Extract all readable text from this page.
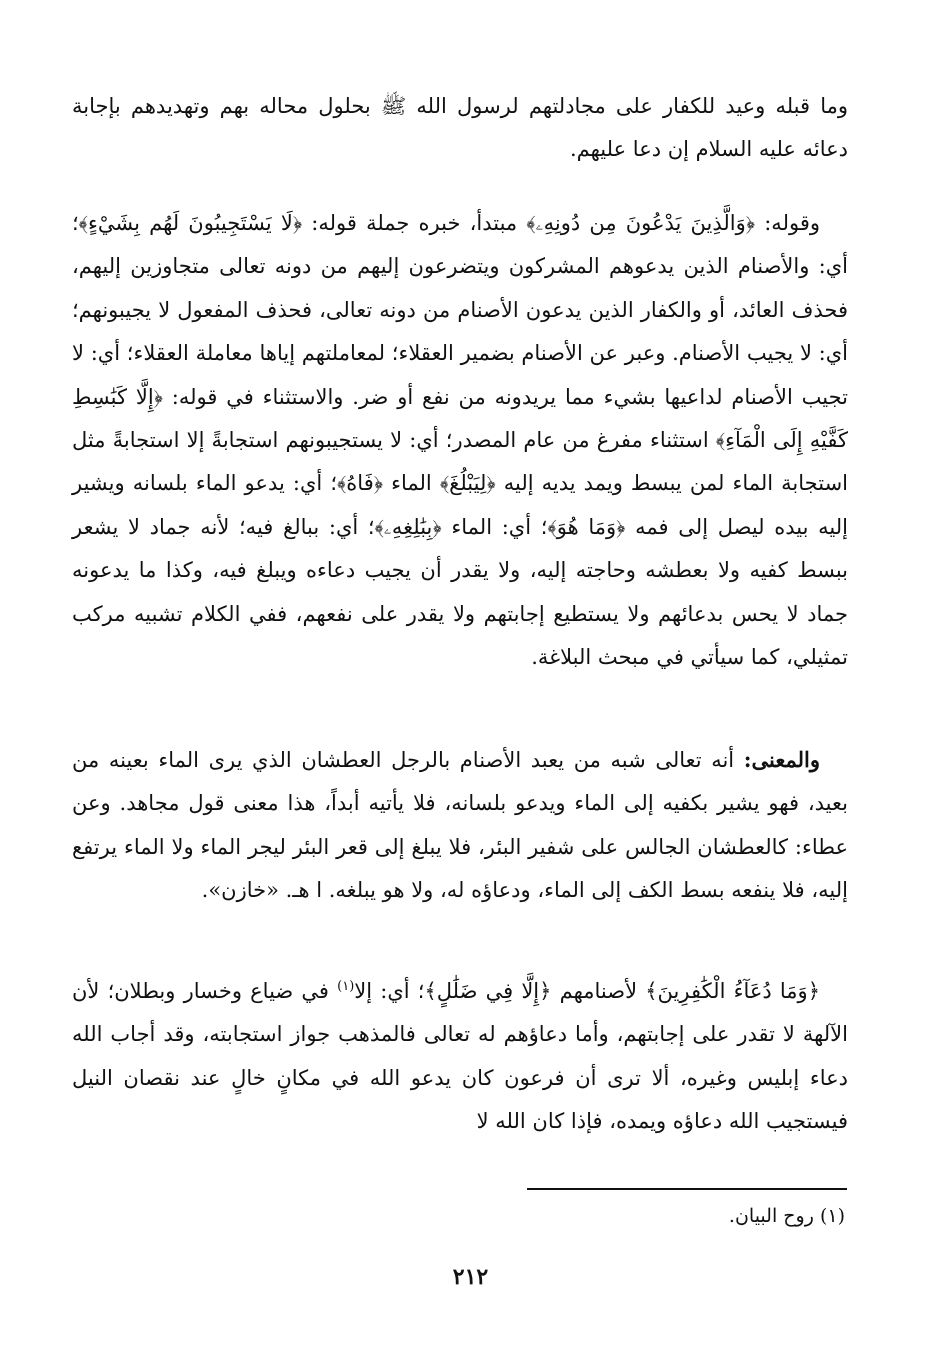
وما قبله وعيد للكفار على مجادلتهم لرسول الله ﷺ بحلول محاله بهم وتهديدهم بإجابة دعائه عليه السلام إن دعا عليهم.

وقوله: ﴿وَالَّذِينَ يَدْعُونَ مِن دُونِهِۦ﴾ مبتدأ، خبره جملة قوله: ﴿لَا يَسْتَجِيبُونَ لَهُم بِشَيْءٍ﴾؛ أي: والأصنام الذين يدعوهم المشركون ويتضرعون إليهم من دونه تعالى متجاوزين إليهم، فحذف العائد، أو والكفار الذين يدعون الأصنام من دونه تعالى، فحذف المفعول لا يجيبونهم؛ أي: لا يجيب الأصنام. وعبر عن الأصنام بضمير العقلاء؛ لمعاملتهم إياها معاملة العقلاء؛ أي: لا تجيب الأصنام لداعيها بشيء مما يريدونه من نفع أو ضر. والاستثناء في قوله: ﴿إِلَّا كَبَٰسِطِ كَفَّيْهِ إِلَى الْمَآءِ﴾ استثناء مفرغ من عام المصدر؛ أي: لا يستجيبونهم استجابةً إلا استجابةً مثل استجابة الماء لمن يبسط ويمد يديه إليه ﴿لِيَبْلُغَ﴾ الماء ﴿فَاهُ﴾؛ أي: يدعو الماء بلسانه ويشير إليه بيده ليصل إلى فمه ﴿وَمَا هُوَ﴾؛ أي: الماء ﴿بِبَٰلِغِهِۦ﴾؛ أي: ببالغ فيه؛ لأنه جماد لا يشعر ببسط كفيه ولا بعطشه وحاجته إليه، ولا يقدر أن يجيب دعاءه ويبلغ فيه، وكذا ما يدعونه جماد لا يحس بدعائهم ولا يستطيع إجابتهم ولا يقدر على نفعهم، ففي الكلام تشبيه مركب تمثيلي، كما سيأتي في مبحث البلاغة.

والمعنى: أنه تعالى شبه من يعبد الأصنام بالرجل العطشان الذي يرى الماء بعينه من بعيد، فهو يشير بكفيه إلى الماء ويدعو بلسانه، فلا يأتيه أبداً، هذا معنى قول مجاهد. وعن عطاء: كالعطشان الجالس على شفير البئر، فلا يبلغ إلى قعر البئر ليجر الماء ولا الماء يرتفع إليه، فلا ينفعه بسط الكف إلى الماء، ودعاؤه له، ولا هو يبلغه. ا هـ. «خازن».

﴿وَمَا دُعَآءُ الْكَٰفِرِينَ﴾ لأصنامهم ﴿إِلَّا فِي ضَلَٰلٍ﴾؛ أي: إلا$^{(١)}$ في ضياع وخسار وبطلان؛ لأن الآلهة لا تقدر على إجابتهم، وأما دعاؤهم له تعالى فالمذهب جواز استجابته، وقد أجاب الله دعاء إبليس وغيره، ألا ترى أن فرعون كان يدعو الله في مكانٍ خالٍ عند نقصان النيل فيستجيب الله دعاؤه ويمده، فإذا كان الله لا

(١) روح البيان.
٢١٢
